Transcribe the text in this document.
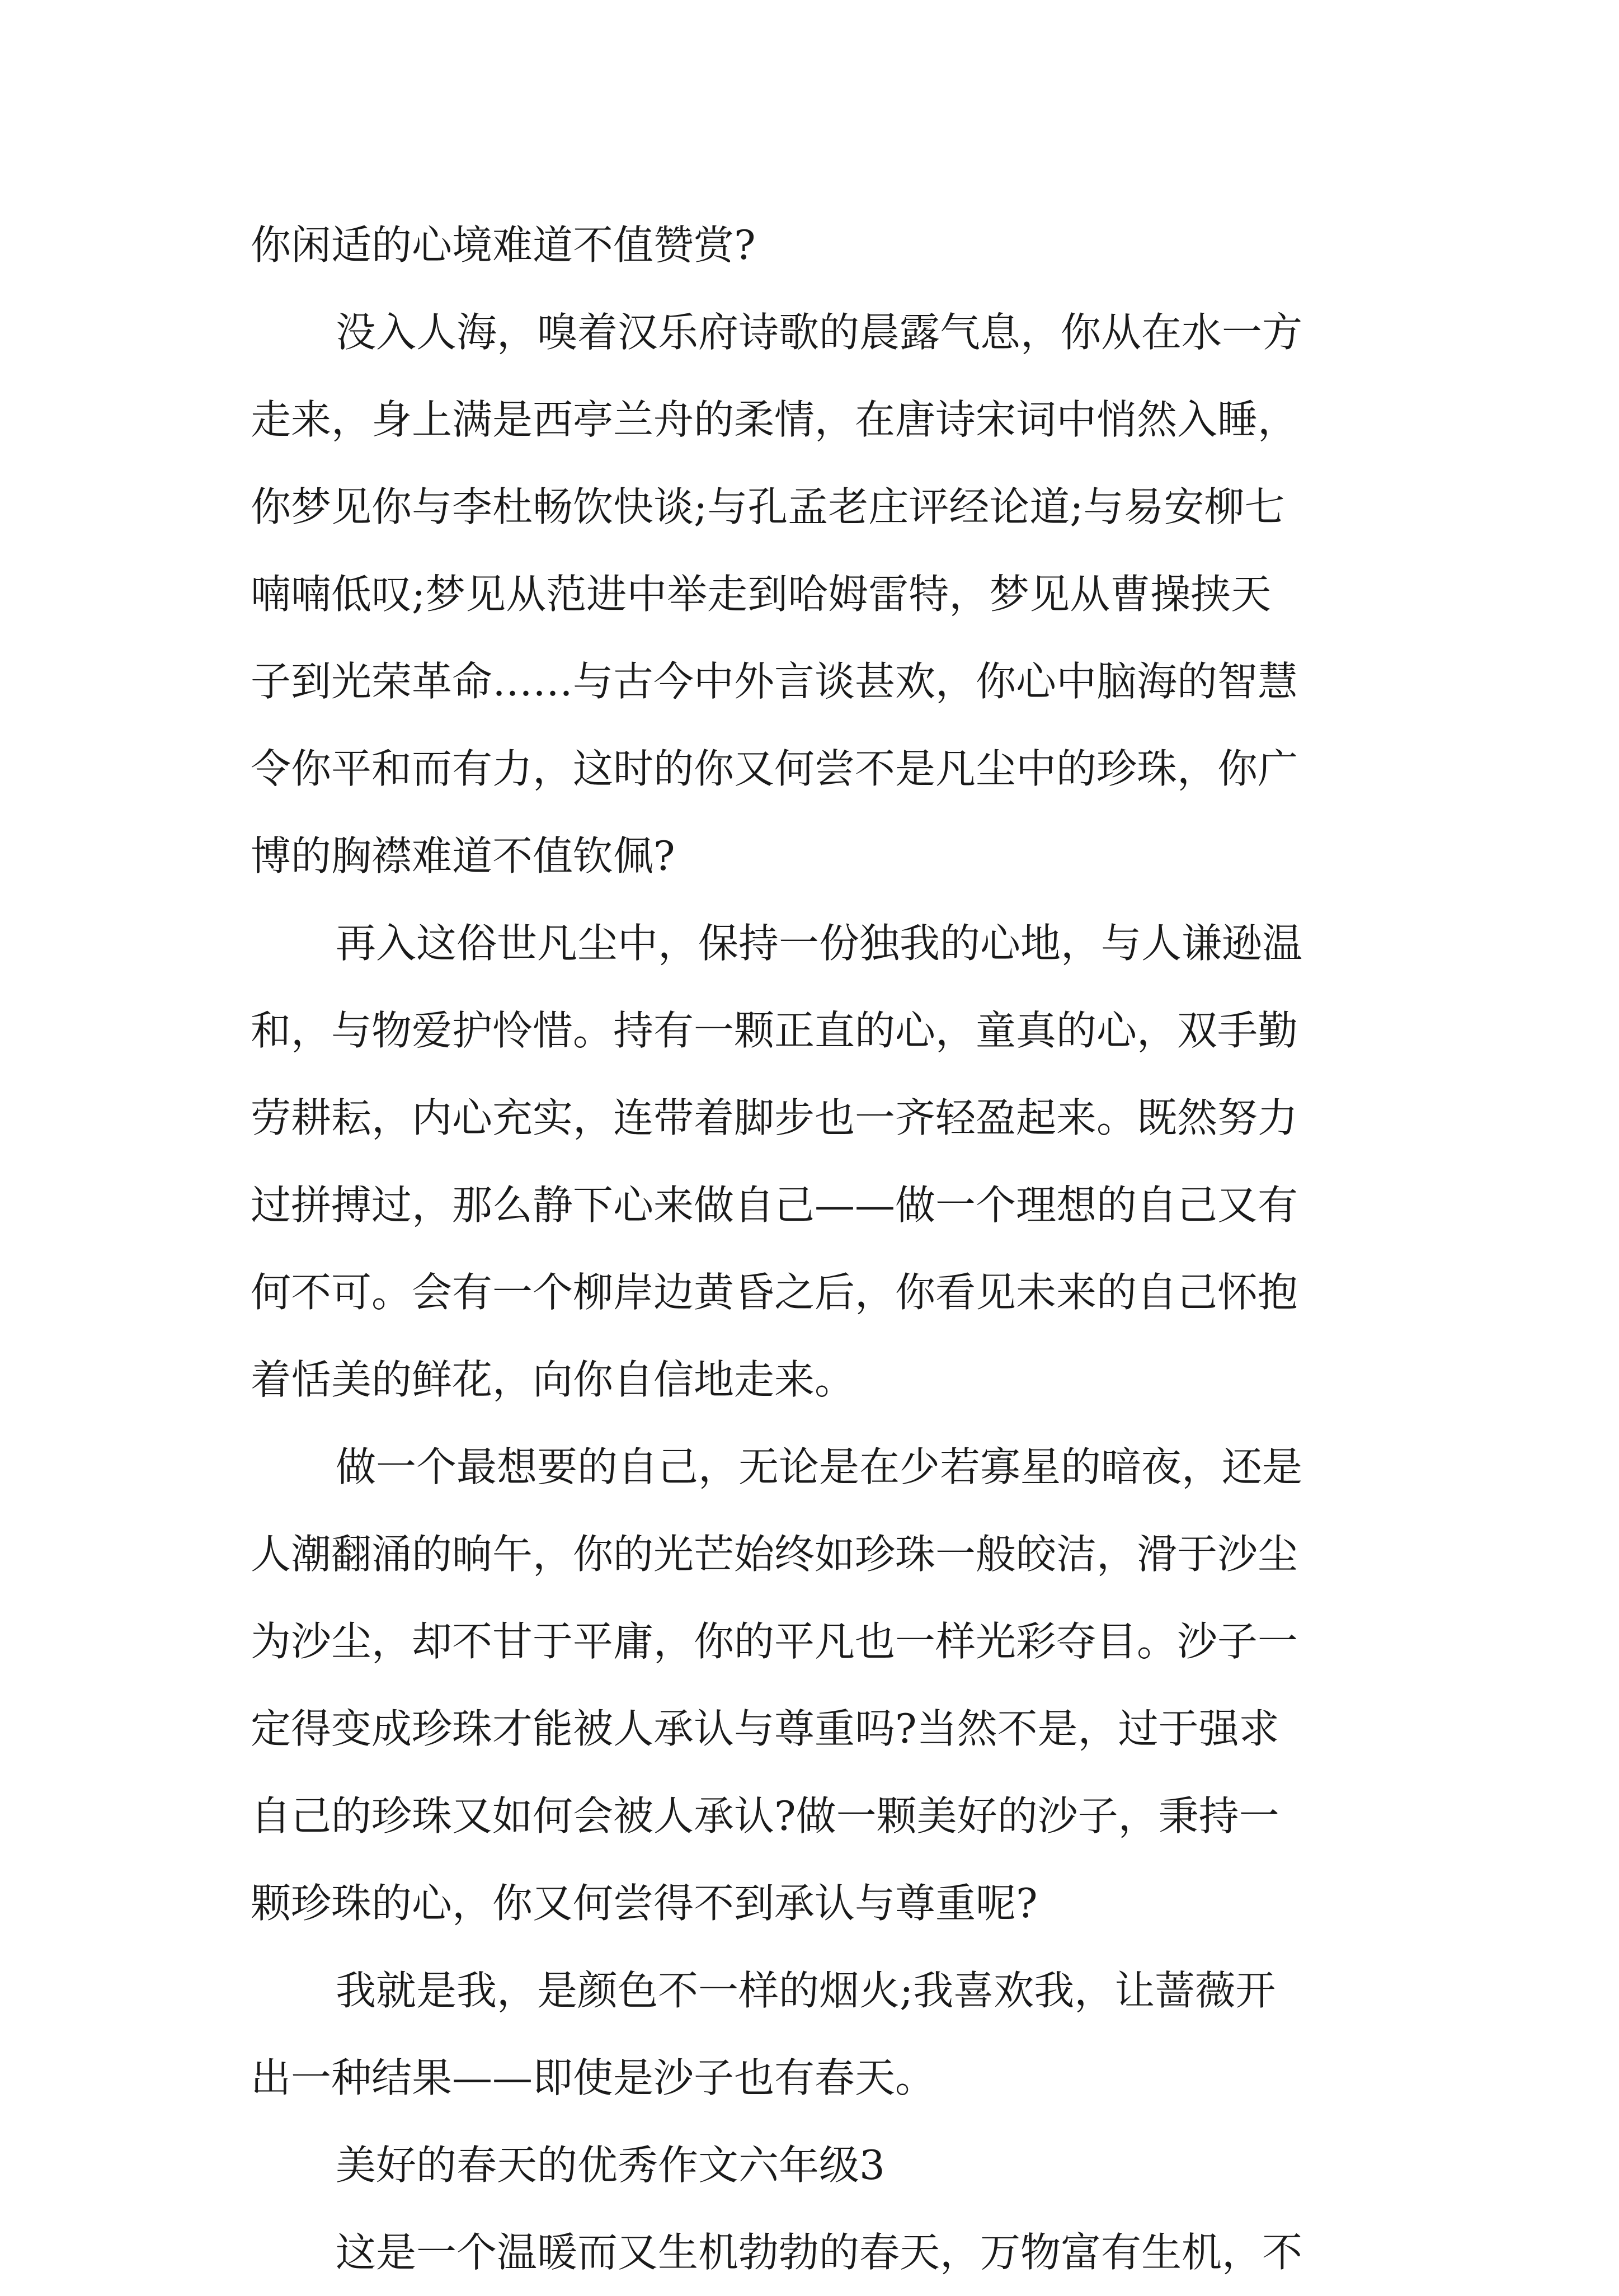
你闲适的心境难道不值赞赏?
没入人海，嗅着汉乐府诗歌的晨露气息，你从在水一方
走来，身上满是西亭兰舟的柔情，在唐诗宋词中悄然入睡，
你梦见你与李杜畅饮快谈;与孔孟老庄评经论道;与易安柳七
喃喃低叹;梦见从范进中举走到哈姆雷特，梦见从曹操挟天
子到光荣革命……与古今中外言谈甚欢，你心中脑海的智慧
令你平和而有力，这时的你又何尝不是凡尘中的珍珠，你广
博的胸襟难道不值钦佩?
再入这俗世凡尘中，保持一份独我的心地，与人谦逊温
和，与物爱护怜惜。持有一颗正直的心，童真的心，双手勤
劳耕耘，内心充实，连带着脚步也一齐轻盈起来。既然努力
过拼搏过，那么静下心来做自己——做一个理想的自己又有
何不可。会有一个柳岸边黄昏之后，你看见未来的自己怀抱
着恬美的鲜花，向你自信地走来。
做一个最想要的自己，无论是在少若寡星的暗夜，还是
人潮翻涌的晌午，你的光芒始终如珍珠一般皎洁，滑于沙尘
为沙尘，却不甘于平庸，你的平凡也一样光彩夺目。沙子一
定得变成珍珠才能被人承认与尊重吗?当然不是，过于强求
自己的珍珠又如何会被人承认?做一颗美好的沙子，秉持一
颗珍珠的心，你又何尝得不到承认与尊重呢?
我就是我，是颜色不一样的烟火;我喜欢我，让蔷薇开
出一种结果——即使是沙子也有春天。
美好的春天的优秀作文六年级3
这是一个温暖而又生机勃勃的春天，万物富有生机，不
